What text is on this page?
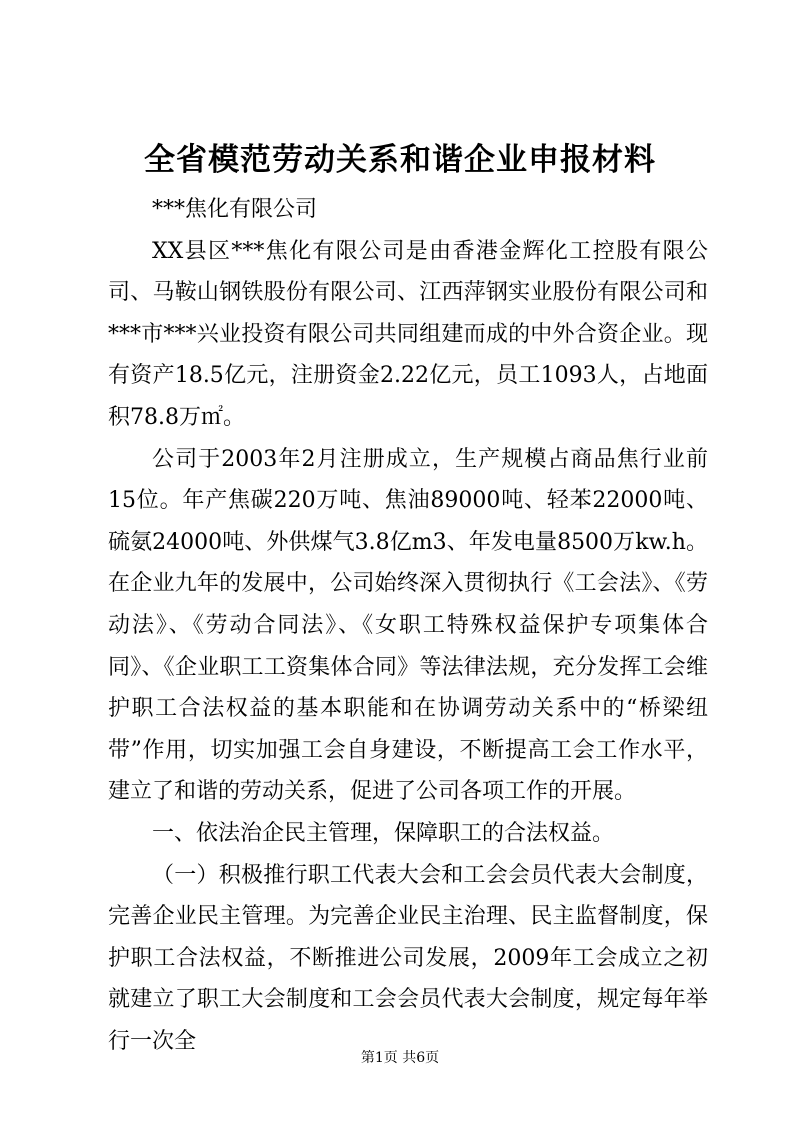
全省模范劳动关系和谐企业申报材料

***焦化有限公司

XX县区***焦化有限公司是由香港金辉化工控股有限公司、马鞍山钢铁股份有限公司、江西萍钢实业股份有限公司和***市***兴业投资有限公司共同组建而成的中外合资企业。现有资产18.5亿元，注册资金2.22亿元，员工1093人，占地面积78.8万㎡。

公司于2003年2月注册成立，生产规模占商品焦行业前15位。年产焦碳220万吨、焦油89000吨、轻苯22000吨、硫氨24000吨、外供煤气3.8亿m3、年发电量8500万kw.h。在企业九年的发展中，公司始终深入贯彻执行《工会法》、《劳动法》、《劳动合同法》、《女职工特殊权益保护专项集体合同》、《企业职工工资集体合同》等法律法规，充分发挥工会维护职工合法权益的基本职能和在协调劳动关系中的“桥梁纽带”作用，切实加强工会自身建设，不断提高工会工作水平，建立了和谐的劳动关系，促进了公司各项工作的开展。

一、依法治企民主管理，保障职工的合法权益。

（一）积极推行职工代表大会和工会会员代表大会制度，完善企业民主管理。为完善企业民主治理、民主监督制度，保护职工合法权益，不断推进公司发展，2009年工会成立之初就建立了职工大会制度和工会会员代表大会制度，规定每年举行一次全

第1页 共6页
